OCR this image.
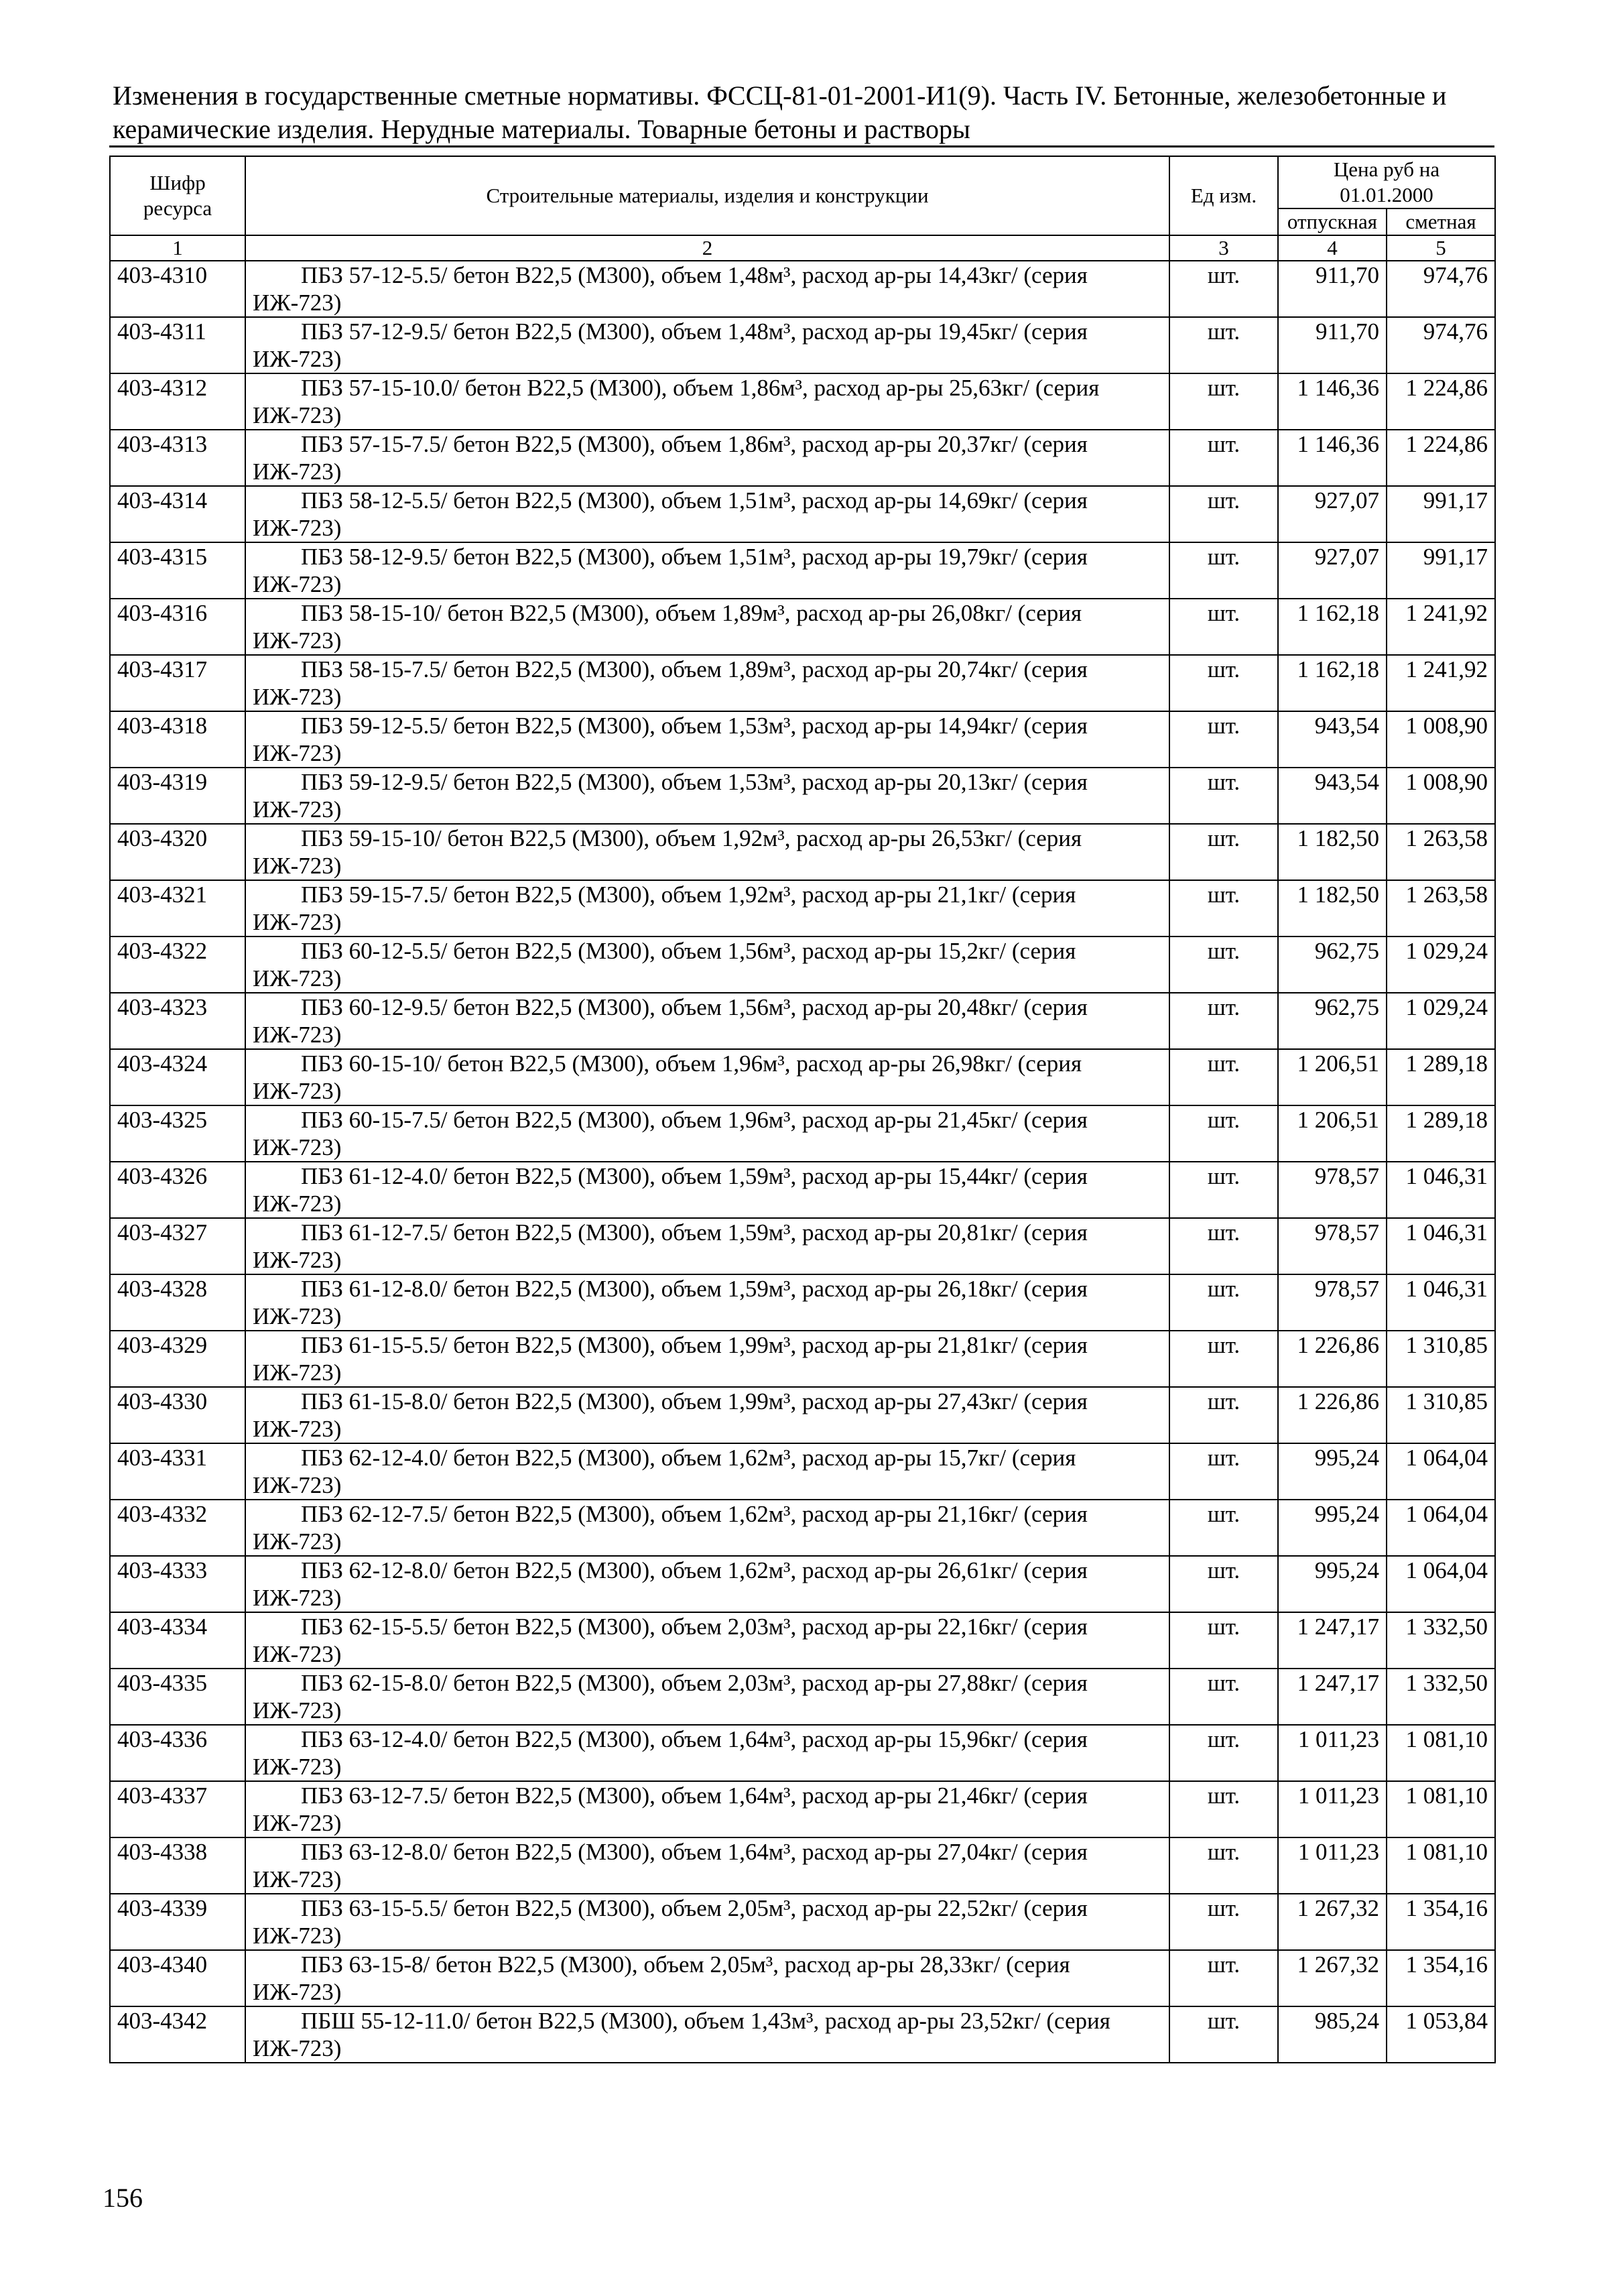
Изменения в государственные сметные нормативы. ФССЦ-81-01-2001-И1(9). Часть IV. Бетонные, железобетонные и
керамические изделия. Нерудные материалы. Товарные бетоны и растворы
Шифр ресурса	Строительные материалы, изделия и конструкции	Ед изм.	Цена руб на 01.01.2000	
			отпускная	сметная
1	2	3	4	5
403-4310	ПБЗ 57-12-5.5/ бетон В22,5 (М300), объем 1,48м³, расход ар-ры 14,43кг/ (серия ИЖ-723)	шт.	911,70	974,76
403-4311	ПБЗ 57-12-9.5/ бетон В22,5 (М300), объем 1,48м³, расход ар-ры 19,45кг/ (серия ИЖ-723)	шт.	911,70	974,76
403-4312	ПБЗ 57-15-10.0/ бетон В22,5 (М300), объем 1,86м³, расход ар-ры 25,63кг/ (серия ИЖ-723)	шт.	1 146,36	1 224,86
403-4313	ПБЗ 57-15-7.5/ бетон В22,5 (М300), объем 1,86м³, расход ар-ры 20,37кг/ (серия ИЖ-723)	шт.	1 146,36	1 224,86
403-4314	ПБЗ 58-12-5.5/ бетон В22,5 (М300), объем 1,51м³, расход ар-ры 14,69кг/ (серия ИЖ-723)	шт.	927,07	991,17
403-4315	ПБЗ 58-12-9.5/ бетон В22,5 (М300), объем 1,51м³, расход ар-ры 19,79кг/ (серия ИЖ-723)	шт.	927,07	991,17
403-4316	ПБЗ 58-15-10/ бетон В22,5 (М300), объем 1,89м³, расход ар-ры 26,08кг/ (серия ИЖ-723)	шт.	1 162,18	1 241,92
403-4317	ПБЗ 58-15-7.5/ бетон В22,5 (М300), объем 1,89м³, расход ар-ры 20,74кг/ (серия ИЖ-723)	шт.	1 162,18	1 241,92
403-4318	ПБЗ 59-12-5.5/ бетон В22,5 (М300), объем 1,53м³, расход ар-ры 14,94кг/ (серия ИЖ-723)	шт.	943,54	1 008,90
403-4319	ПБЗ 59-12-9.5/ бетон В22,5 (М300), объем 1,53м³, расход ар-ры 20,13кг/ (серия ИЖ-723)	шт.	943,54	1 008,90
403-4320	ПБЗ 59-15-10/ бетон В22,5 (М300), объем 1,92м³, расход ар-ры 26,53кг/ (серия ИЖ-723)	шт.	1 182,50	1 263,58
403-4321	ПБЗ 59-15-7.5/ бетон В22,5 (М300), объем 1,92м³, расход ар-ры 21,1кг/ (серия ИЖ-723)	шт.	1 182,50	1 263,58
403-4322	ПБЗ 60-12-5.5/ бетон В22,5 (М300), объем 1,56м³, расход ар-ры 15,2кг/ (серия ИЖ-723)	шт.	962,75	1 029,24
403-4323	ПБЗ 60-12-9.5/ бетон В22,5 (М300), объем 1,56м³, расход ар-ры 20,48кг/ (серия ИЖ-723)	шт.	962,75	1 029,24
403-4324	ПБЗ 60-15-10/ бетон В22,5 (М300), объем 1,96м³, расход ар-ры 26,98кг/ (серия ИЖ-723)	шт.	1 206,51	1 289,18
403-4325	ПБЗ 60-15-7.5/ бетон В22,5 (М300), объем 1,96м³, расход ар-ры 21,45кг/ (серия ИЖ-723)	шт.	1 206,51	1 289,18
403-4326	ПБЗ 61-12-4.0/ бетон В22,5 (М300), объем 1,59м³, расход ар-ры 15,44кг/ (серия ИЖ-723)	шт.	978,57	1 046,31
403-4327	ПБЗ 61-12-7.5/ бетон В22,5 (М300), объем 1,59м³, расход ар-ры 20,81кг/ (серия ИЖ-723)	шт.	978,57	1 046,31
403-4328	ПБЗ 61-12-8.0/ бетон В22,5 (М300), объем 1,59м³, расход ар-ры 26,18кг/ (серия ИЖ-723)	шт.	978,57	1 046,31
403-4329	ПБЗ 61-15-5.5/ бетон В22,5 (М300), объем 1,99м³, расход ар-ры 21,81кг/ (серия ИЖ-723)	шт.	1 226,86	1 310,85
403-4330	ПБЗ 61-15-8.0/ бетон В22,5 (М300), объем 1,99м³, расход ар-ры 27,43кг/ (серия ИЖ-723)	шт.	1 226,86	1 310,85
403-4331	ПБЗ 62-12-4.0/ бетон В22,5 (М300), объем 1,62м³, расход ар-ры 15,7кг/ (серия ИЖ-723)	шт.	995,24	1 064,04
403-4332	ПБЗ 62-12-7.5/ бетон В22,5 (М300), объем 1,62м³, расход ар-ры 21,16кг/ (серия ИЖ-723)	шт.	995,24	1 064,04
403-4333	ПБЗ 62-12-8.0/ бетон В22,5 (М300), объем 1,62м³, расход ар-ры 26,61кг/ (серия ИЖ-723)	шт.	995,24	1 064,04
403-4334	ПБЗ 62-15-5.5/ бетон В22,5 (М300), объем 2,03м³, расход ар-ры 22,16кг/ (серия ИЖ-723)	шт.	1 247,17	1 332,50
403-4335	ПБЗ 62-15-8.0/ бетон В22,5 (М300), объем 2,03м³, расход ар-ры 27,88кг/ (серия ИЖ-723)	шт.	1 247,17	1 332,50
403-4336	ПБЗ 63-12-4.0/ бетон В22,5 (М300), объем 1,64м³, расход ар-ры 15,96кг/ (серия ИЖ-723)	шт.	1 011,23	1 081,10
403-4337	ПБЗ 63-12-7.5/ бетон В22,5 (М300), объем 1,64м³, расход ар-ры 21,46кг/ (серия ИЖ-723)	шт.	1 011,23	1 081,10
403-4338	ПБЗ 63-12-8.0/ бетон В22,5 (М300), объем 1,64м³, расход ар-ры 27,04кг/ (серия ИЖ-723)	шт.	1 011,23	1 081,10
403-4339	ПБЗ 63-15-5.5/ бетон В22,5 (М300), объем 2,05м³, расход ар-ры 22,52кг/ (серия ИЖ-723)	шт.	1 267,32	1 354,16
403-4340	ПБЗ 63-15-8/ бетон В22,5 (М300), объем 2,05м³, расход ар-ры 28,33кг/ (серия ИЖ-723)	шт.	1 267,32	1 354,16
403-4342	ПБШ 55-12-11.0/ бетон В22,5 (М300), объем 1,43м³, расход ар-ры 23,52кг/ (серия ИЖ-723)	шт.	985,24	1 053,84
156
